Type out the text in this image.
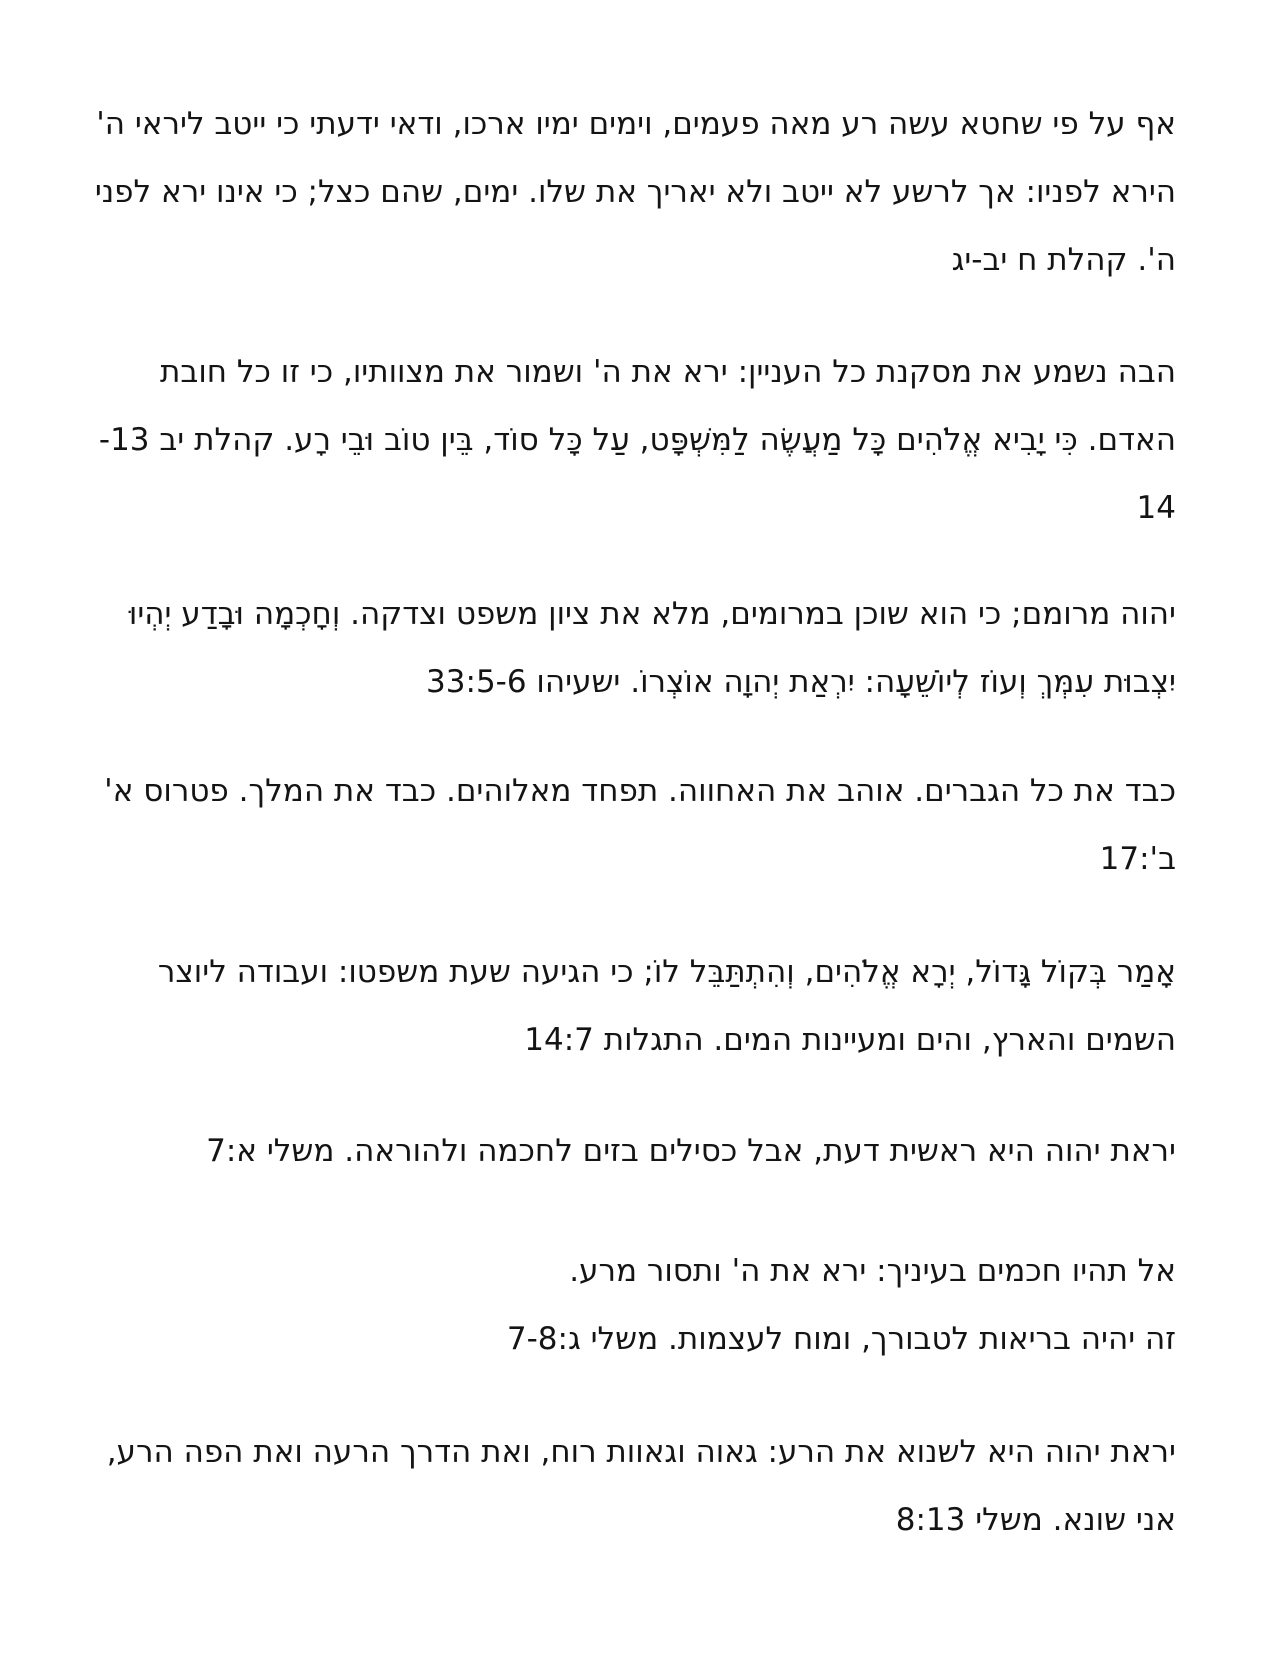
אף על פי שחטא עשה רע מאה פעמים, וימים ימיו ארכו, ודאי ידעתי כי ייטב ליראי ה'
הירא לפניו: אך לרשע לא ייטב ולא יאריך את שלו. ימים, שהם כצל; כי אינו ירא לפני
ה'. קהלת ח יב-יג

הבה נשמע את מסקנת כל העניין: ירא את ה' ושמור את מצוותיו, כי זו כל חובת
האדם. כִּי יָבִיא אֱלֹהִים כָּל מַעֲשֶׂה לַמִּשְׁפָּט, עַל כָּל סוֹד, בֵּין טוֹב וּבֵי רָע. קהלת יב 13-
14

יהוה מרומם; כי הוא שוכן במרומים, מלא את ציון משפט וצדקה. וְחָכְמָה וּבָדַע יְהְיוּ
יִצְבוּת עִמְּךְ וְעוֹז לְיוֹשֵׁעָה: יִרְאַת יְהוָה אוֹצְרוֹ. ישעיהו 33:5-6

כבד את כל הגברים. אוהב את האחווה. תפחד מאלוהים. כבד את המלך. פטרוס א'
ב':17

אָמַר בְּקוֹל גָּדוֹל, יְרָא אֱלֹהִים, וְהִתְתַּבֵּל לוֹ; כי הגיעה שעת משפטו: ועבודה ליוצר
השמים והארץ, והים ומעיינות המים. התגלות 14:7

יראת יהוה היא ראשית דעת, אבל כסילים בזים לחכמה ולהוראה. משלי א:7

אל תהיו חכמים בעיניך: ירא את ה' ותסור מרע.
זה יהיה בריאות לטבורך, ומוח לעצמות. משלי ג:7-8

יראת יהוה היא לשנוא את הרע: גאוה וגאוות רוח, ואת הדרך הרעה ואת הפה הרע,
אני שונא. משלי 8:13
